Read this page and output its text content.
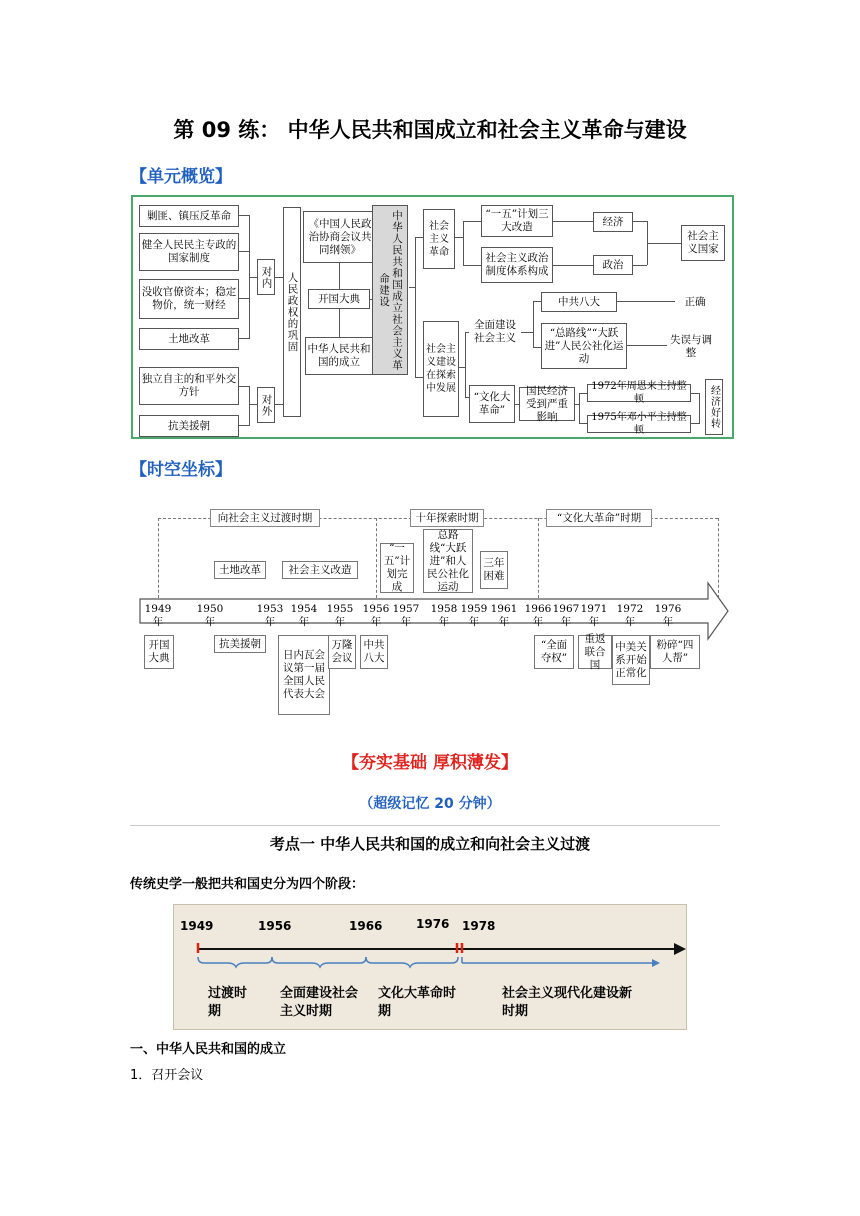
第 09 练： 中华人民共和国成立和社会主义革命与建设
【单元概览】
剿匪、镇压反革命
健全人民民主专政的国家制度
没收官僚资本；稳定物价，统一财经
土地改革
独立自主的和平外交方针
抗美援朝
对内
对外
人民政权的巩固
《中国人民政治协商会议共同纲领》
开国大典
中华人民共和国的成立	中华人民共和国成立社会主义革命建设
社会主义革命
“一五”计划三大改造
社会主义政治制度体系构成
经济
政治
社会主义国家
社会主义建设在探索中发展
全面建设社会主义
中共八大
“总路线”“大跃进”人民公社化运动
正确
失误与调整
“文化大革命”
国民经济受到严重影响
1972年周恩来主持整顿
1975年邓小平主持整顿
经济好转
【时空坐标】
向社会主义过渡时期	十年探索时期	“文化大革命”时期
土地改革	社会主义改造
“一五”计划完成
总路线“大跃进”和人民公社化运动
三年困难
1949年
1950年
1953年
1954年
1955年
1956年
1957年
1958年
1959年
1961年
1966年
1967年
1971年
1972年
1976年
开国大典
抗美援朝
日内瓦会议第一届全国人民代表大会
万隆会议
中共八大
“全面夺权”
重返联合国
中美关系开始正常化
粉碎“四人帮”
【夯实基础 厚积薄发】
（超级记忆 20 分钟）
考点一 中华人民共和国的成立和向社会主义过渡
传统史学一般把共和国史分为四个阶段：
1949	1956	1966	1976 1978
过渡时期
全面建设社会主义时期
文化大革命时期
社会主义现代化建设新时期
一、中华人民共和国的成立
1．召开会议
